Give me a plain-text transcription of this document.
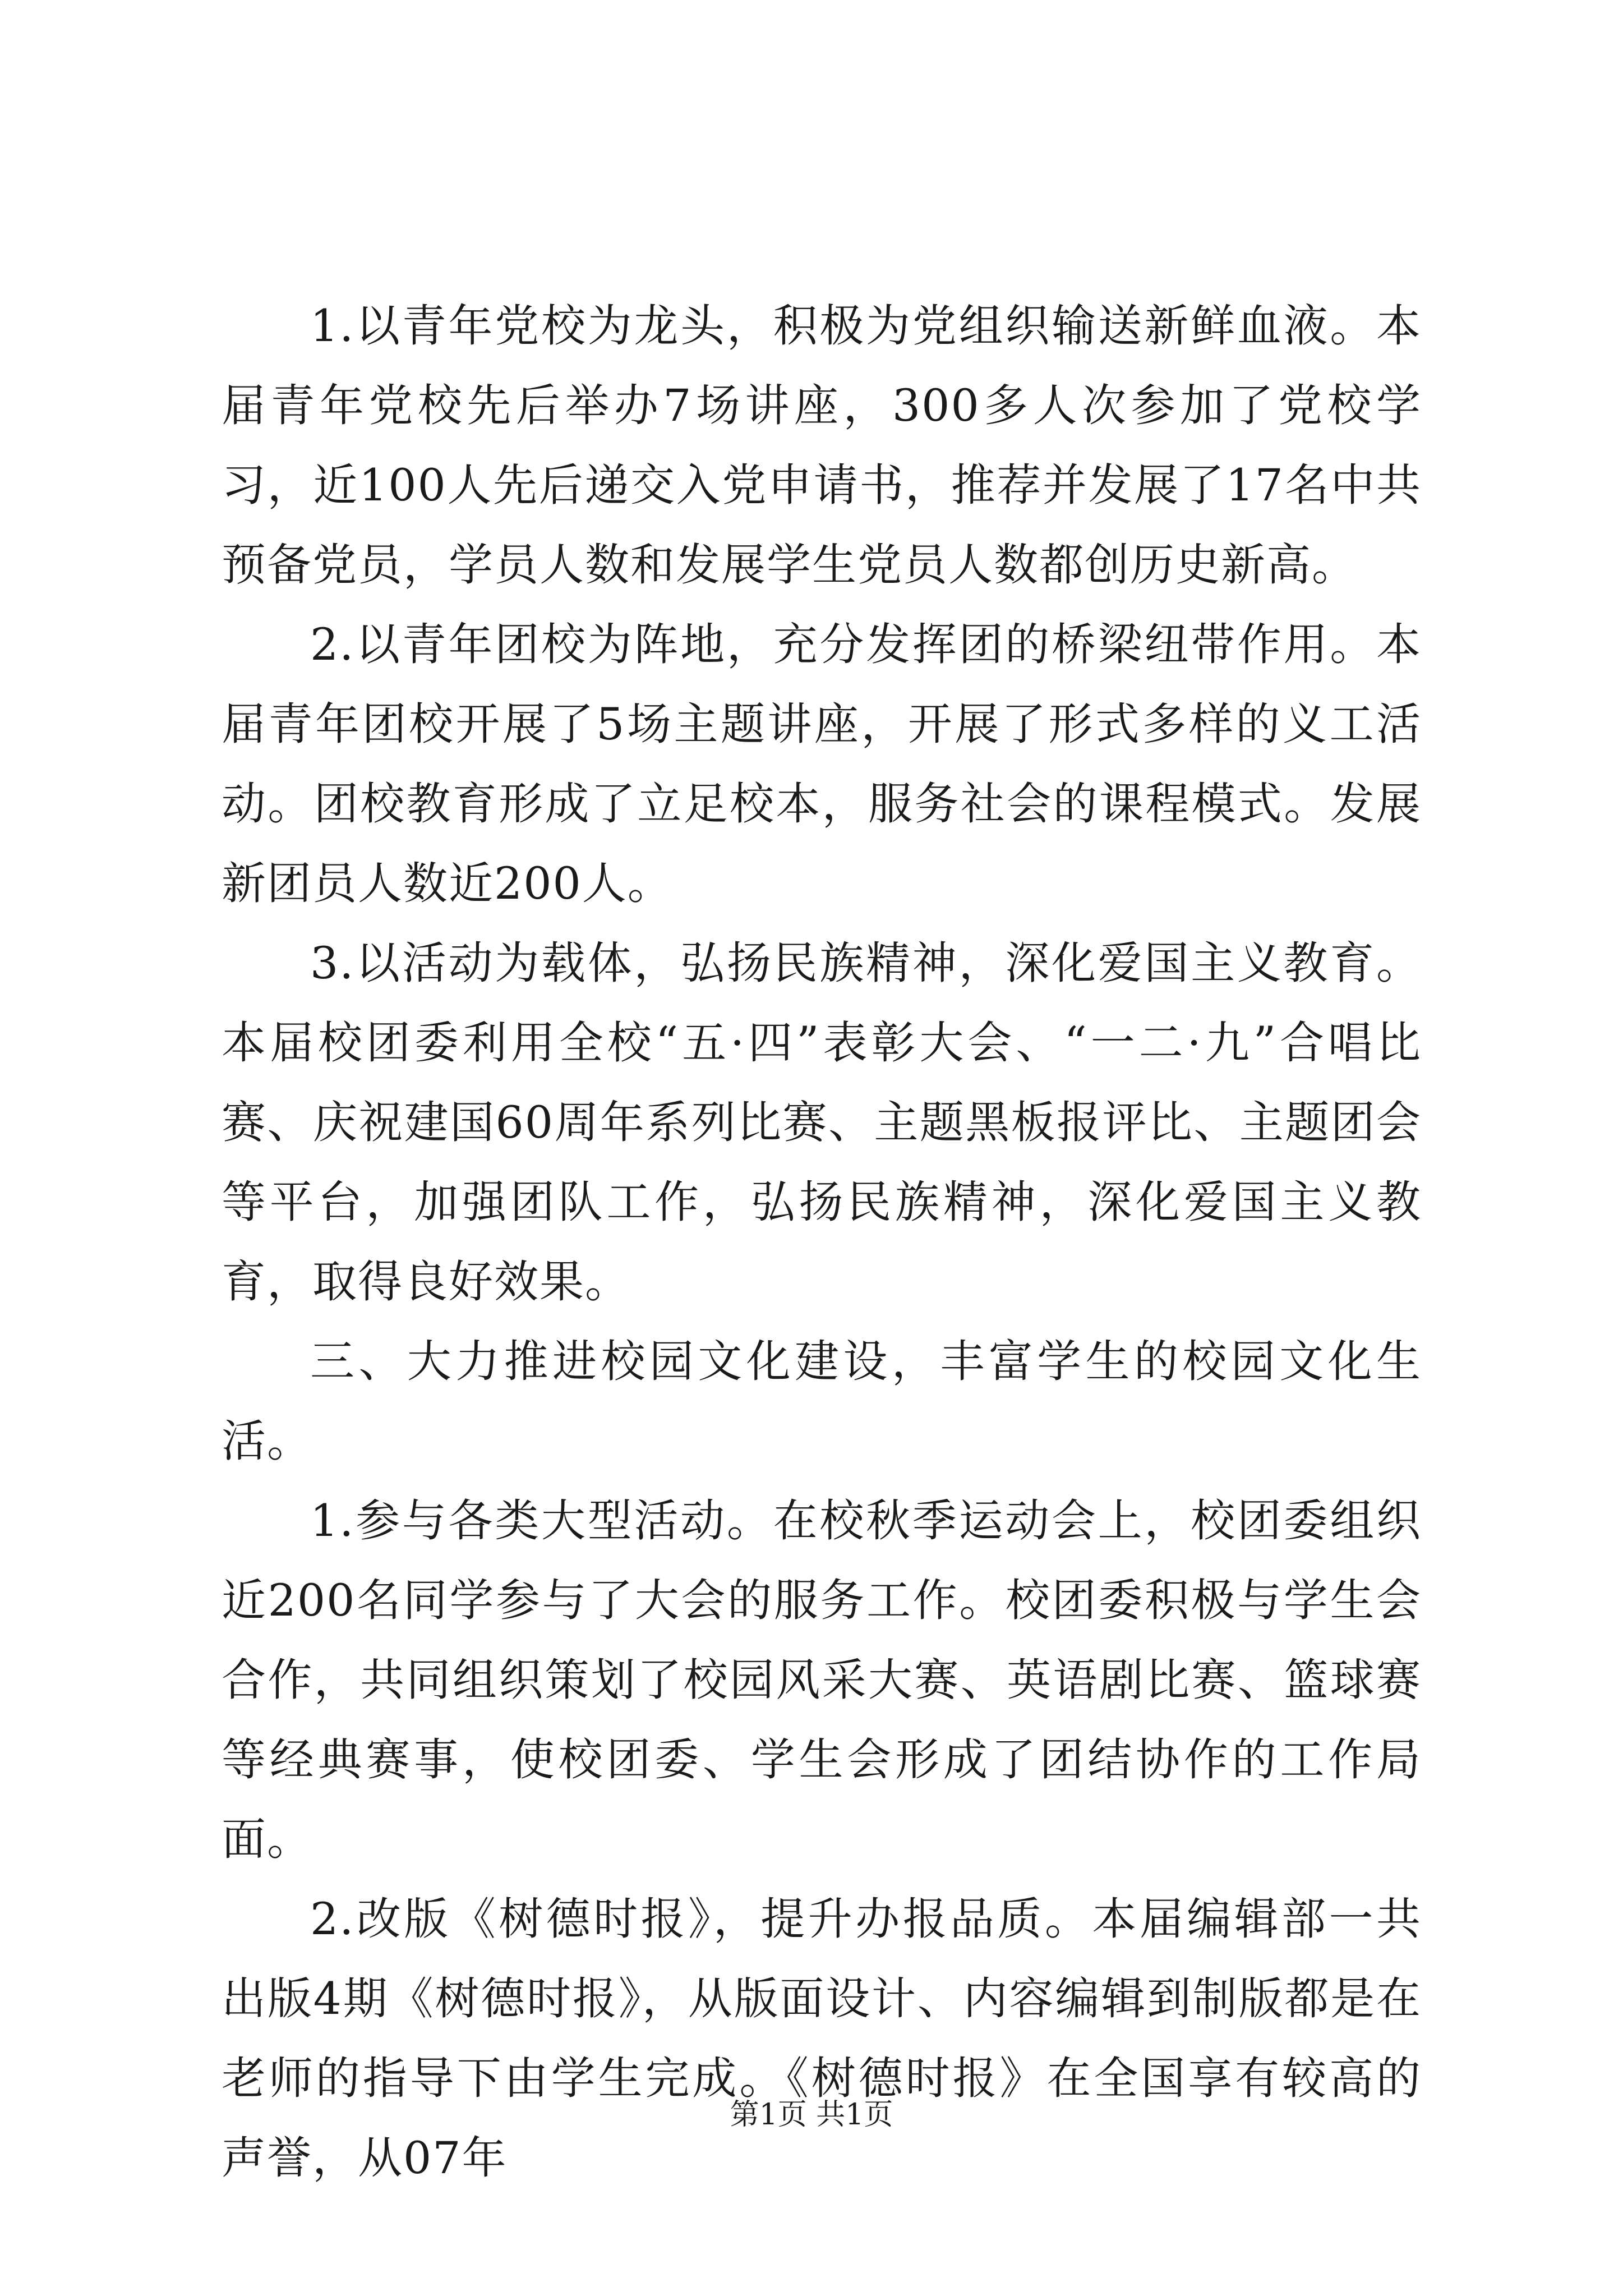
1.以青年党校为龙头，积极为党组织输送新鲜血液。本届青年党校先后举办7场讲座，300多人次参加了党校学习，近100人先后递交入党申请书，推荐并发展了17名中共预备党员，学员人数和发展学生党员人数都创历史新高。

2.以青年团校为阵地，充分发挥团的桥梁纽带作用。本届青年团校开展了5场主题讲座，开展了形式多样的义工活动。团校教育形成了立足校本，服务社会的课程模式。发展新团员人数近200人。

3.以活动为载体，弘扬民族精神，深化爱国主义教育。本届校团委利用全校“五·四”表彰大会、“一二·九”合唱比赛、庆祝建国60周年系列比赛、主题黑板报评比、主题团会等平台，加强团队工作，弘扬民族精神，深化爱国主义教育，取得良好效果。

三、大力推进校园文化建设，丰富学生的校园文化生活。

1.参与各类大型活动。在校秋季运动会上，校团委组织近200名同学参与了大会的服务工作。校团委积极与学生会合作，共同组织策划了校园风采大赛、英语剧比赛、篮球赛等经典赛事，使校团委、学生会形成了团结协作的工作局面。

2.改版《树德时报》，提升办报品质。本届编辑部一共出版4期《树德时报》，从版面设计、内容编辑到制版都是在老师的指导下由学生完成。《树德时报》在全国享有较高的声誉，从07年

第1页 共1页
